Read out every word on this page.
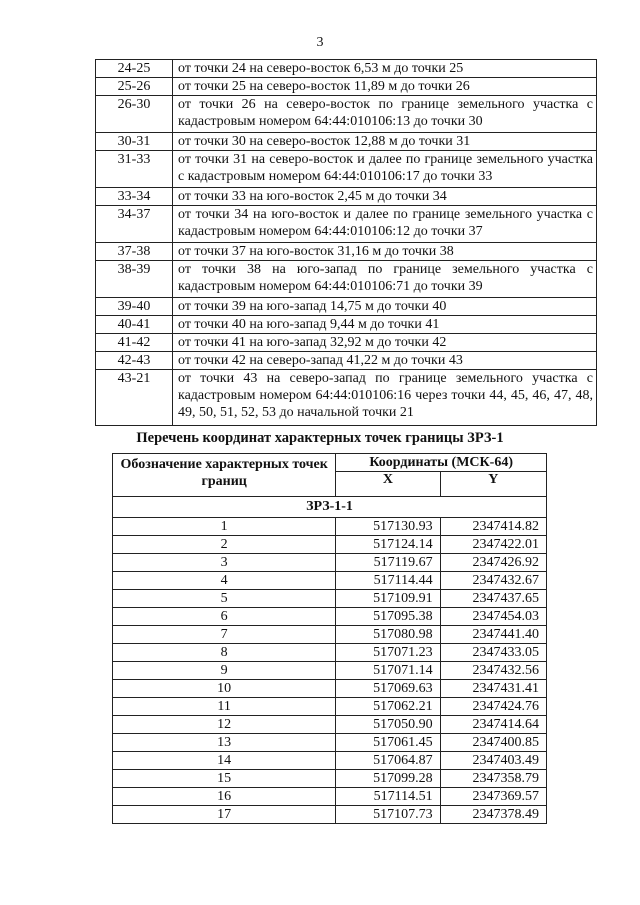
3
24-25	от точки 24 на северо-восток 6,53 м до точки 25
25-26	от точки 25 на северо-восток 11,89 м до точки 26
26-30	от точки 26 на северо-восток по границе земельного участка с кадастровым номером 64:44:010106:13 до точки 30
30-31	от точки 30 на северо-восток 12,88 м до точки 31
31-33	от точки 31 на северо-восток и далее по границе земельного участка с кадастровым номером 64:44:010106:17 до точки 33
33-34	от точки 33 на юго-восток 2,45 м до точки 34
34-37	от точки 34 на юго-восток и далее по границе земельного участка с кадастровым номером 64:44:010106:12 до точки 37
37-38	от точки 37 на юго-восток 31,16 м до точки 38
38-39	от точки 38 на юго-запад по границе земельного участка с кадастровым номером 64:44:010106:71 до точки 39
39-40	от точки 39 на юго-запад 14,75 м до точки 40
40-41	от точки 40 на юго-запад 9,44 м до точки 41
41-42	от точки 41 на юго-запад 32,92 м до точки 42
42-43	от точки 42 на северо-запад 41,22 м до точки 43
43-21	от точки 43 на северо-запад по границе земельного участка с кадастровым номером 64:44:010106:16 через точки 44, 45, 46, 47, 48, 49, 50, 51, 52, 53 до начальной точки 21
Перечень координат характерных точек границы ЗРЗ-1
Обозначение характерных точек границ	Координаты (МСК-64)	
	X	Y
ЗРЗ-1-1		
1	517130.93	2347414.82
2	517124.14	2347422.01
3	517119.67	2347426.92
4	517114.44	2347432.67
5	517109.91	2347437.65
6	517095.38	2347454.03
7	517080.98	2347441.40
8	517071.23	2347433.05
9	517071.14	2347432.56
10	517069.63	2347431.41
11	517062.21	2347424.76
12	517050.90	2347414.64
13	517061.45	2347400.85
14	517064.87	2347403.49
15	517099.28	2347358.79
16	517114.51	2347369.57
17	517107.73	2347378.49
